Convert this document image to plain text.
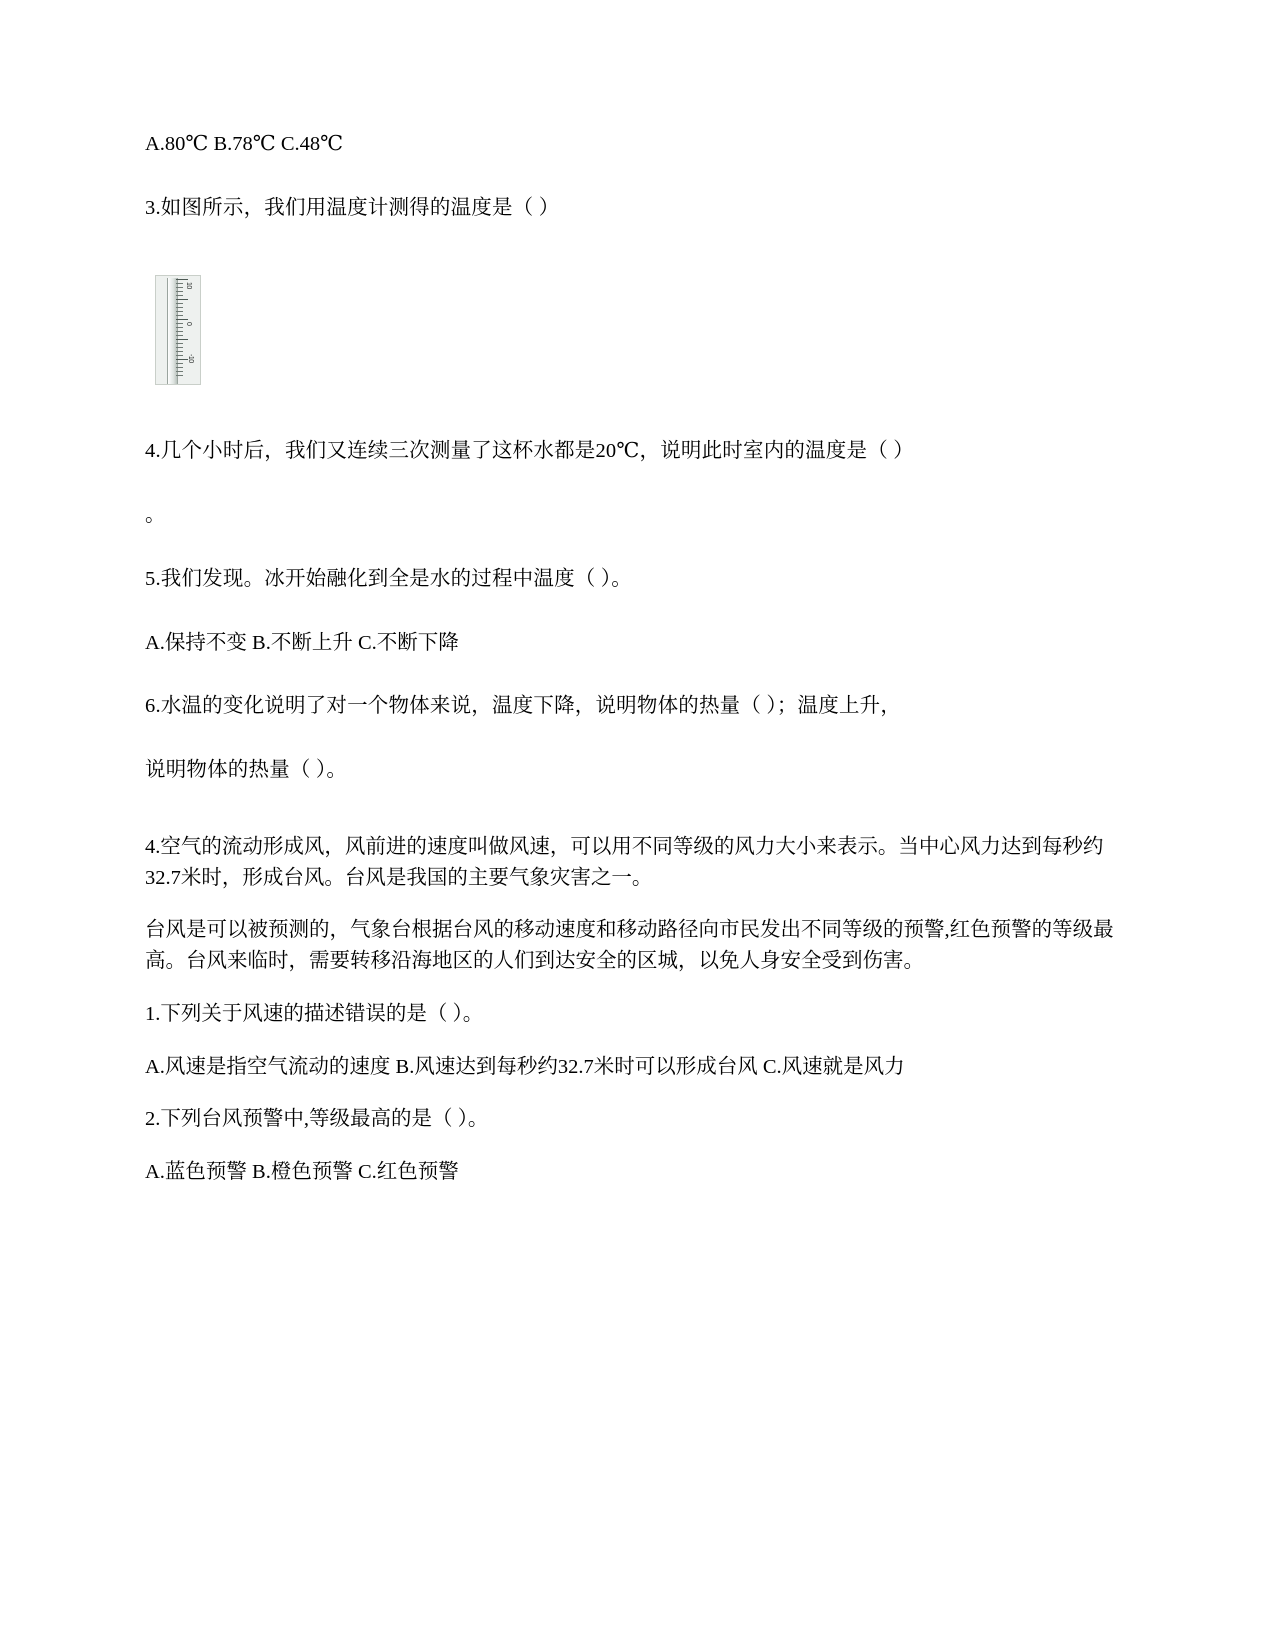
A.80℃ B.78℃ C.48℃
3.如图所示，我们用温度计测得的温度是（ ）
10
0
-10
4.几个小时后，我们又连续三次测量了这杯水都是20℃，说明此时室内的温度是（ ）
。
5.我们发现。冰开始融化到全是水的过程中温度（ ）。
A.保持不变 B.不断上升 C.不断下降
6.水温的变化说明了对一个物体来说，温度下降，说明物体的热量（ ）；温度上升，
说明物体的热量（ ）。

4.空气的流动形成风，风前进的速度叫做风速，可以用不同等级的风力大小来表示。当中心风力达到每秒约32.7米时，形成台风。台风是我国的主要气象灾害之一。

台风是可以被预测的，气象台根据台风的移动速度和移动路径向市民发出不同等级的预警,红色预警的等级最高。台风来临时，需要转移沿海地区的人们到达安全的区城，以免人身安全受到伤害。

1.下列关于风速的描述错误的是（ ）。

A.风速是指空气流动的速度 B.风速达到每秒约32.7米时可以形成台风 C.风速就是风力

2.下列台风预警中,等级最高的是（ ）。

A.蓝色预警 B.橙色预警 C.红色预警
